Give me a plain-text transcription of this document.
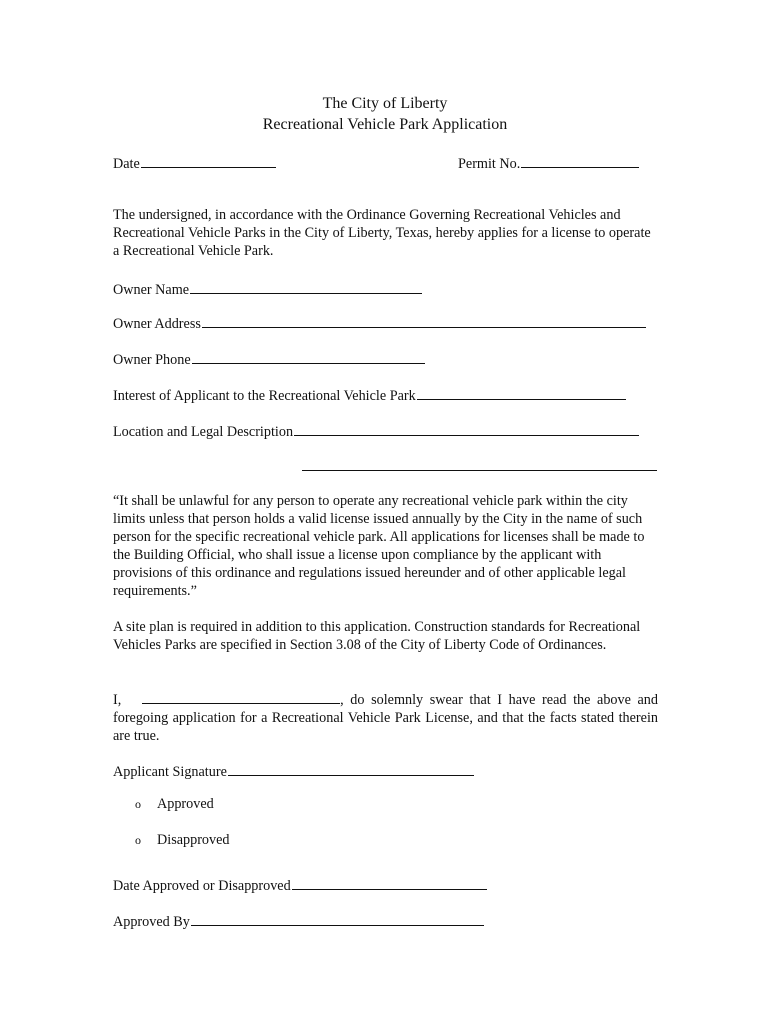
The City of Liberty
Recreational Vehicle Park Application
Date	Permit No.
The undersigned, in accordance with the Ordinance Governing Recreational Vehicles and Recreational Vehicle Parks in the City of Liberty, Texas, hereby applies for a license to operate a Recreational Vehicle Park.
Owner Name
Owner Address
Owner Phone
Interest of Applicant to the Recreational Vehicle Park
Location and Legal Description
“It shall be unlawful for any person to operate any recreational vehicle park within the city limits unless that person holds a valid license issued annually by the City in the name of such person for the specific recreational vehicle park. All applications for licenses shall be made to the Building Official, who shall issue a license upon compliance by the applicant with provisions of this ordinance and regulations issued hereunder and of other applicable legal requirements.”
A site plan is required in addition to this application. Construction standards for Recreational Vehicles Parks are specified in Section 3.08 of the City of Liberty Code of Ordinances.
I,	, do solemnly swear that I have read the above and foregoing application for a Recreational Vehicle Park License, and that the facts stated therein are true.
Applicant Signature
o Approved
o Disapproved
Date Approved or Disapproved
Approved By
